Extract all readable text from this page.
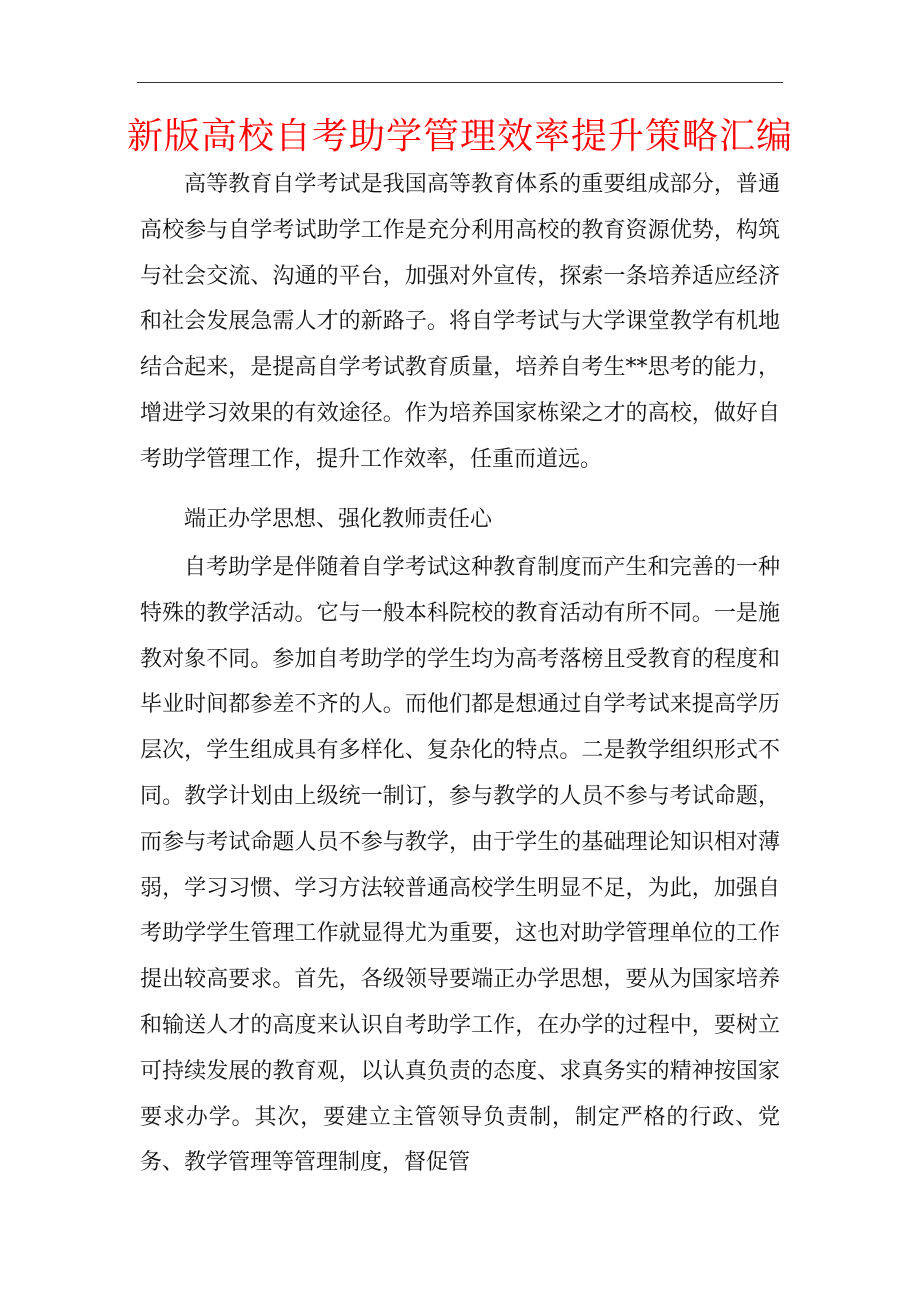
新版高校自考助学管理效率提升策略汇编

高等教育自学考试是我国高等教育体系的重要组成部分，普通高校参与自学考试助学工作是充分利用高校的教育资源优势，构筑与社会交流、沟通的平台，加强对外宣传，探索一条培养适应经济和社会发展急需人才的新路子。将自学考试与大学课堂教学有机地结合起来，是提高自学考试教育质量，培养自考生**思考的能力，增进学习效果的有效途径。作为培养国家栋梁之才的高校，做好自考助学管理工作，提升工作效率，任重而道远。

端正办学思想、强化教师责任心

自考助学是伴随着自学考试这种教育制度而产生和完善的一种特殊的教学活动。它与一般本科院校的教育活动有所不同。一是施教对象不同。参加自考助学的学生均为高考落榜且受教育的程度和毕业时间都参差不齐的人。而他们都是想通过自学考试来提高学历层次，学生组成具有多样化、复杂化的特点。二是教学组织形式不同。教学计划由上级统一制订，参与教学的人员不参与考试命题，而参与考试命题人员不参与教学，由于学生的基础理论知识相对薄弱，学习习惯、学习方法较普通高校学生明显不足，为此，加强自考助学学生管理工作就显得尤为重要，这也对助学管理单位的工作提出较高要求。首先，各级领导要端正办学思想，要从为国家培养和输送人才的高度来认识自考助学工作，在办学的过程中，要树立可持续发展的教育观，以认真负责的态度、求真务实的精神按国家要求办学。其次，要建立主管领导负责制，制定严格的行政、党务、教学管理等管理制度，督促管
